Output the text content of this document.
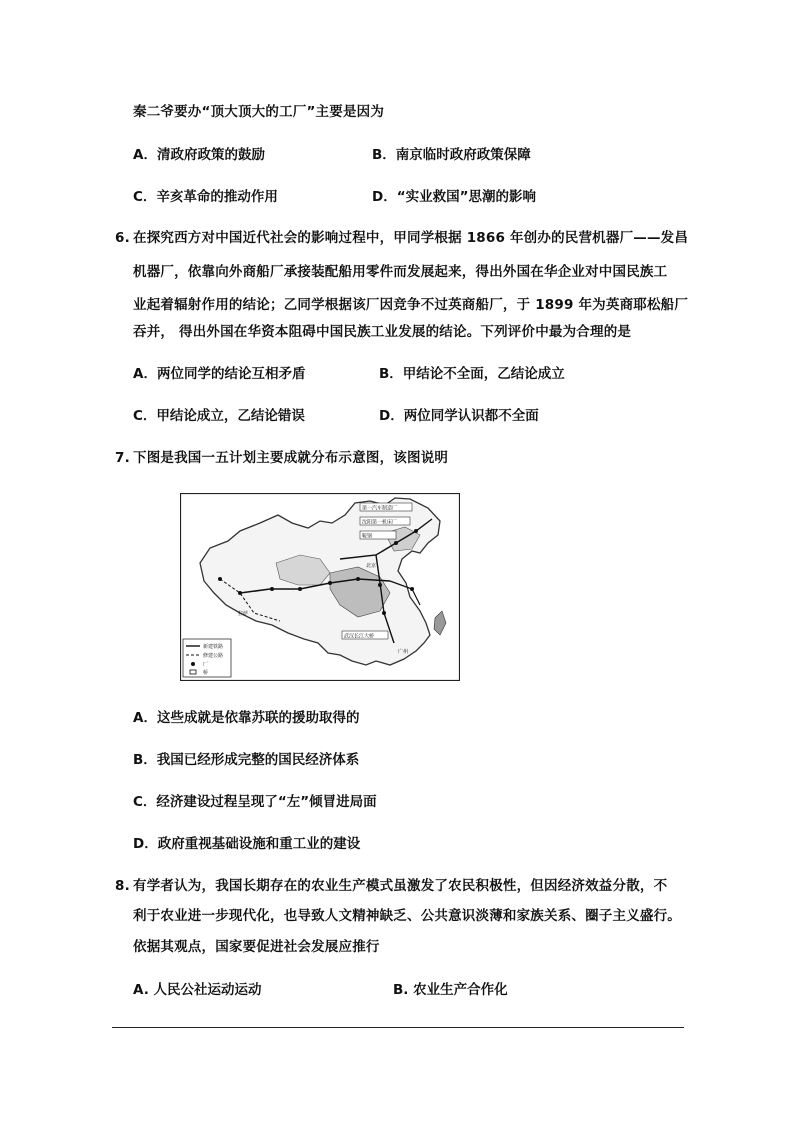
秦二爷要办“顶大顶大的工厂”主要是因为
A．清政府政策的鼓励	B．南京临时政府政策保障
C．辛亥革命的推动作用	D．“实业救国”思潮的影响
6. 在探究西方对中国近代社会的影响过程中，甲同学根据 1866 年创办的民营机器厂——发昌
机器厂，依靠向外商船厂承接装配船用零件而发展起来，得出外国在华企业对中国民族工
业起着辐射作用的结论；乙同学根据该厂因竞争不过英商船厂，于 1899 年为英商耶松船厂
吞并， 得出外国在华资本阻碍中国民族工业发展的结论。下列评价中最为合理的是
A．两位同学的结论互相矛盾	B．甲结论不全面，乙结论成立
C．甲结论成立，乙结论错误	D．两位同学认识都不全面
7. 下图是我国一五计划主要成就分布示意图，该图说明
第一汽车制造厂
沈阳第一机床厂
鞍钢
北京
武汉长江大桥
拉萨
广州
新建铁路
修建公路
厂
桥
A．这些成就是依靠苏联的援助取得的
B．我国已经形成完整的国民经济体系
C．经济建设过程呈现了“左”倾冒进局面
D．政府重视基础设施和重工业的建设
8. 有学者认为，我国长期存在的农业生产模式虽激发了农民积极性，但因经济效益分散，不
利于农业进一步现代化，也导致人文精神缺乏、公共意识淡薄和家族关系、圈子主义盛行。
依据其观点，国家要促进社会发展应推行
A. 人民公社运动运动	B. 农业生产合作化
